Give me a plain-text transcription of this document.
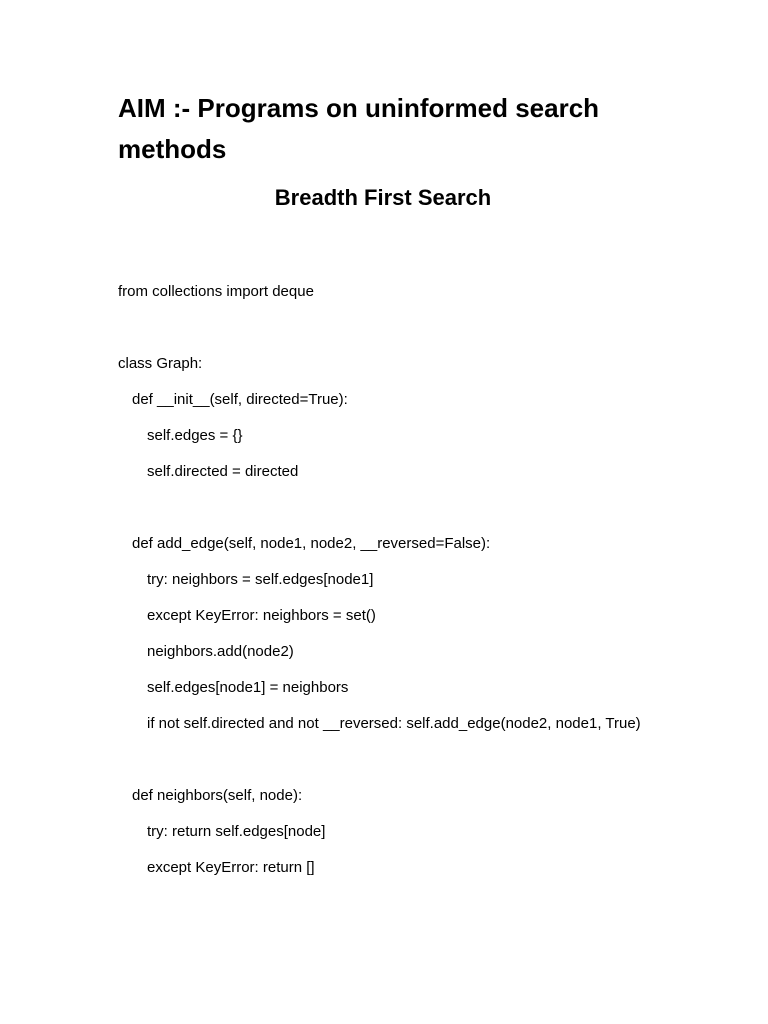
AIM :- Programs on uninformed search methods
Breadth First Search

from collections import deque

class Graph:

def __init__(self, directed=True):

self.edges = {}

self.directed = directed

def add_edge(self, node1, node2, __reversed=False):

try: neighbors = self.edges[node1]

except KeyError: neighbors = set()

neighbors.add(node2)

self.edges[node1] = neighbors

if not self.directed and not __reversed: self.add_edge(node2, node1, True)

def neighbors(self, node):

try: return self.edges[node]

except KeyError: return []
